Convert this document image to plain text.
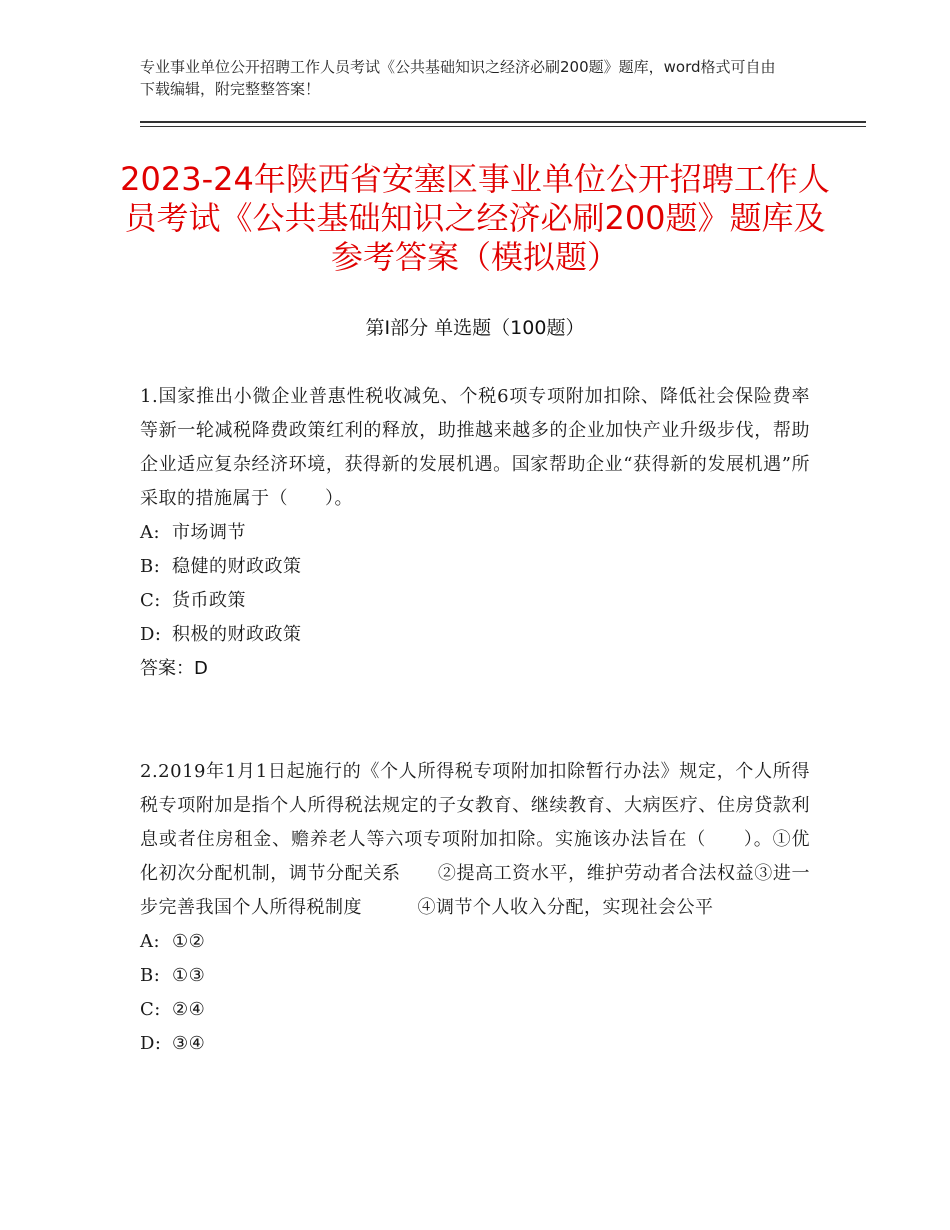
专业事业单位公开招聘工作人员考试《公共基础知识之经济必刷200题》题库，word格式可自由下载编辑，附完整整答案！
2023-24年陕西省安塞区事业单位公开招聘工作人员考试《公共基础知识之经济必刷200题》题库及参考答案（模拟题）
第Ⅰ部分 单选题（100题）
1.国家推出小微企业普惠性税收减免、个税6项专项附加扣除、降低社会保险费率等新一轮减税降费政策红利的释放，助推越来越多的企业加快产业升级步伐，帮助企业适应复杂经济环境，获得新的发展机遇。国家帮助企业“获得新的发展机遇”所采取的措施属于（　　）。
A: 市场调节
B: 稳健的财政政策
C: 货币政策
D: 积极的财政政策
答案：D
2.2019年1月1日起施行的《个人所得税专项附加扣除暂行办法》规定，个人所得税专项附加是指个人所得税法规定的子女教育、继续教育、大病医疗、住房贷款利息或者住房租金、赡养老人等六项专项附加扣除。实施该办法旨在（　　）。①优化初次分配机制，调节分配关系　　②提高工资水平，维护劳动者合法权益③进一步完善我国个人所得税制度　　　④调节个人收入分配，实现社会公平
A: ①②
B: ①③
C: ②④
D: ③④
